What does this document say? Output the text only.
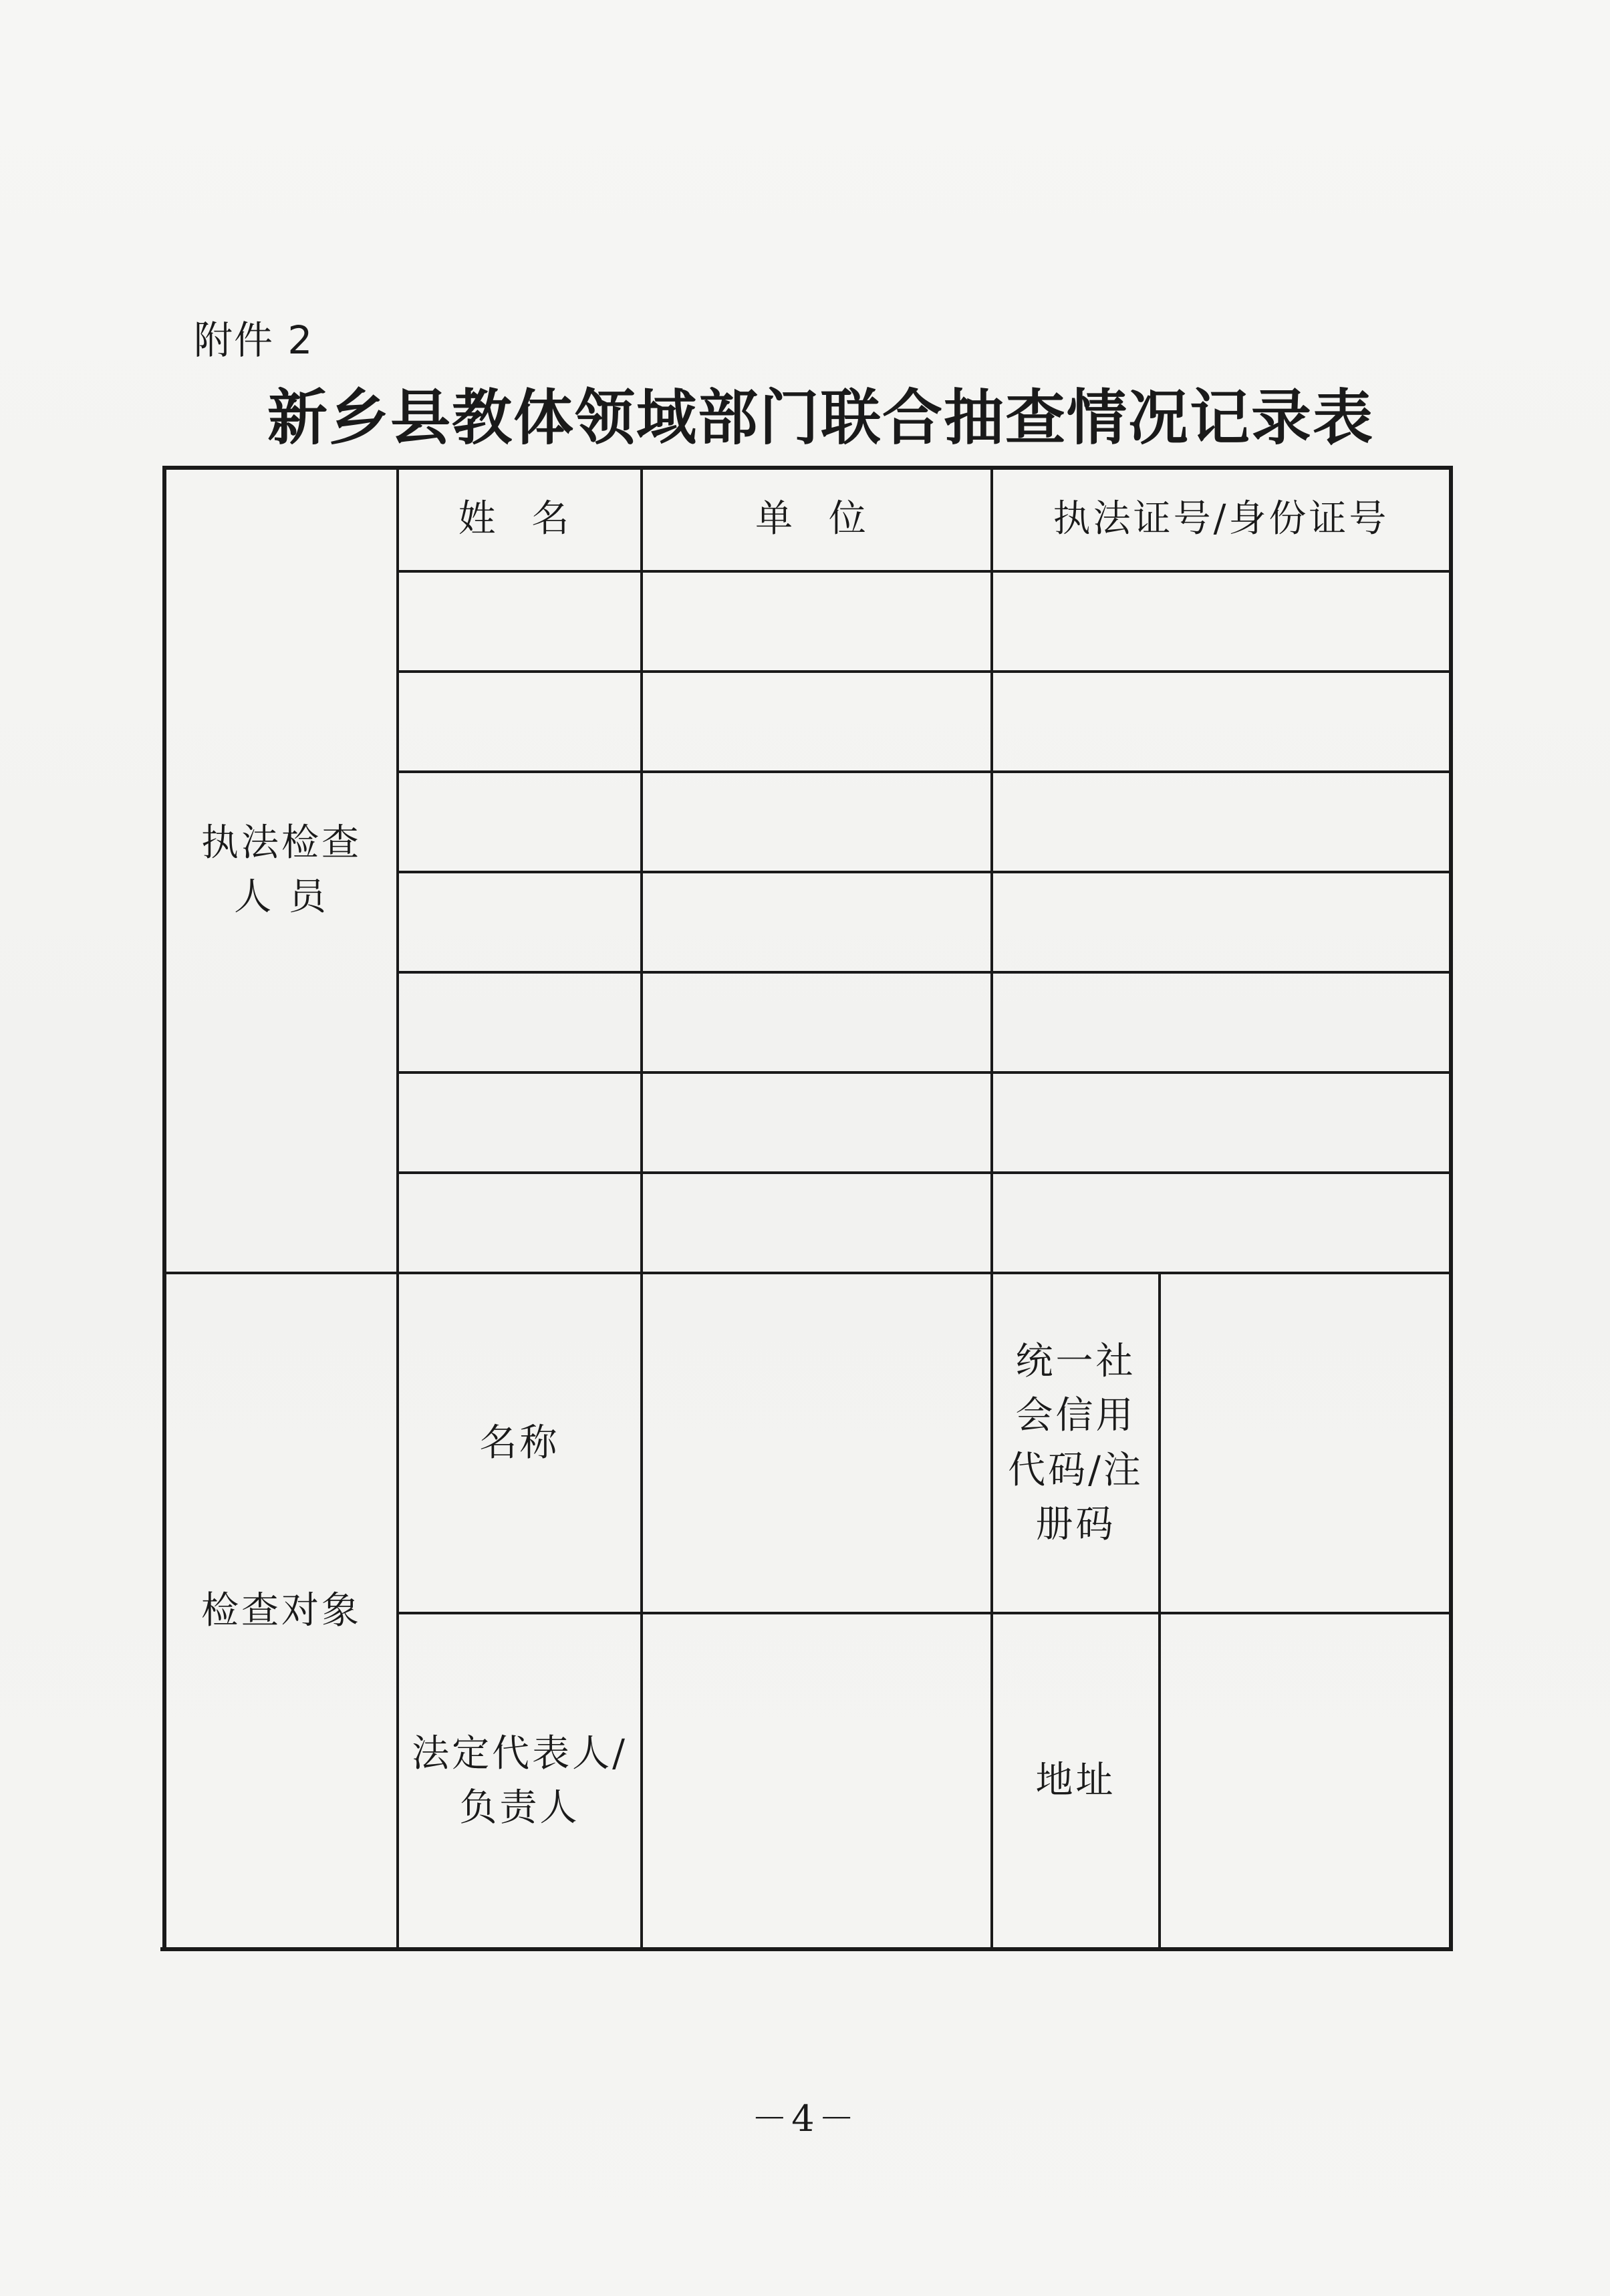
附件 2
新乡县教体领域部门联合抽查情况记录表
姓 名	单 位	执法证号/身份证号
执法检查
人 员
检查对象
名称
统一社
会信用
代码/注
册码
法定代表人/
负责人
地址
－4－
